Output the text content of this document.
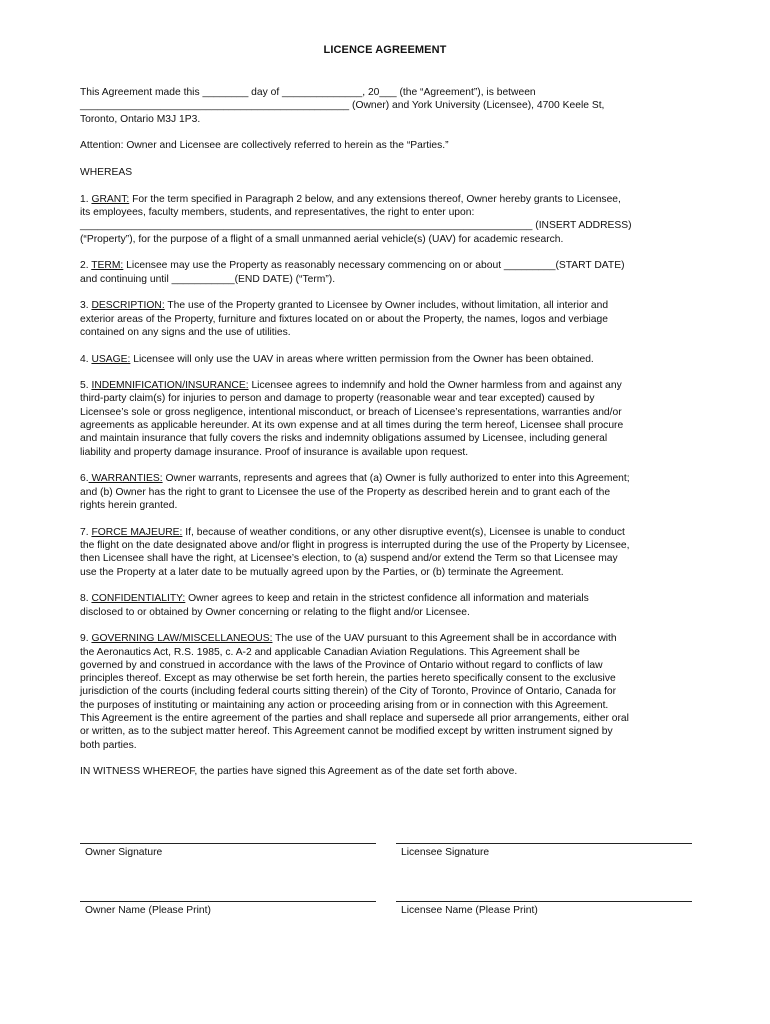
LICENCE AGREEMENT

This Agreement made this ________ day of ______________, 20___ (the “Agreement”), is between
_______________________________________________ (Owner) and York University (Licensee), 4700 Keele St,
Toronto, Ontario M3J 1P3.

Attention: Owner and Licensee are collectively referred to herein as the “Parties.”

WHEREAS

1. GRANT: For the term specified in Paragraph 2 below, and any extensions thereof, Owner hereby grants to Licensee,
its employees, faculty members, students, and representatives, the right to enter upon:
_______________________________________________________________________________ (INSERT ADDRESS)
(“Property”), for the purpose of a flight of a small unmanned aerial vehicle(s) (UAV) for academic research.

2. TERM: Licensee may use the Property as reasonably necessary commencing on or about _________(START DATE)
and continuing until ___________(END DATE) (“Term”).

3. DESCRIPTION: The use of the Property granted to Licensee by Owner includes, without limitation, all interior and
exterior areas of the Property, furniture and fixtures located on or about the Property, the names, logos and verbiage
contained on any signs and the use of utilities.

4. USAGE: Licensee will only use the UAV in areas where written permission from the Owner has been obtained.

5. INDEMNIFICATION/INSURANCE: Licensee agrees to indemnify and hold the Owner harmless from and against any
third-party claim(s) for injuries to person and damage to property (reasonable wear and tear excepted) caused by
Licensee’s sole or gross negligence, intentional misconduct, or breach of Licensee’s representations, warranties and/or
agreements as applicable hereunder. At its own expense and at all times during the term hereof, Licensee shall procure
and maintain insurance that fully covers the risks and indemnity obligations assumed by Licensee, including general
liability and property damage insurance. Proof of insurance is available upon request.

6. WARRANTIES: Owner warrants, represents and agrees that (a) Owner is fully authorized to enter into this Agreement;
and (b) Owner has the right to grant to Licensee the use of the Property as described herein and to grant each of the
rights herein granted.

7. FORCE MAJEURE: If, because of weather conditions, or any other disruptive event(s), Licensee is unable to conduct
the flight on the date designated above and/or flight in progress is interrupted during the use of the Property by Licensee,
then Licensee shall have the right, at Licensee’s election, to (a) suspend and/or extend the Term so that Licensee may
use the Property at a later date to be mutually agreed upon by the Parties, or (b) terminate the Agreement.

8. CONFIDENTIALITY: Owner agrees to keep and retain in the strictest confidence all information and materials
disclosed to or obtained by Owner concerning or relating to the flight and/or Licensee.

9. GOVERNING LAW/MISCELLANEOUS: The use of the UAV pursuant to this Agreement shall be in accordance with
the Aeronautics Act, R.S. 1985, c. A-2 and applicable Canadian Aviation Regulations. This Agreement shall be
governed by and construed in accordance with the laws of the Province of Ontario without regard to conflicts of law
principles thereof. Except as may otherwise be set forth herein, the parties hereto specifically consent to the exclusive
jurisdiction of the courts (including federal courts sitting therein) of the City of Toronto, Province of Ontario, Canada for
the purposes of instituting or maintaining any action or proceeding arising from or in connection with this Agreement.
This Agreement is the entire agreement of the parties and shall replace and supersede all prior arrangements, either oral
or written, as to the subject matter hereof. This Agreement cannot be modified except by written instrument signed by
both parties.

IN WITNESS WHEREOF, the parties have signed this Agreement as of the date set forth above.

Owner Signature	Licensee Signature
Owner Name (Please Print)	Licensee Name (Please Print)
